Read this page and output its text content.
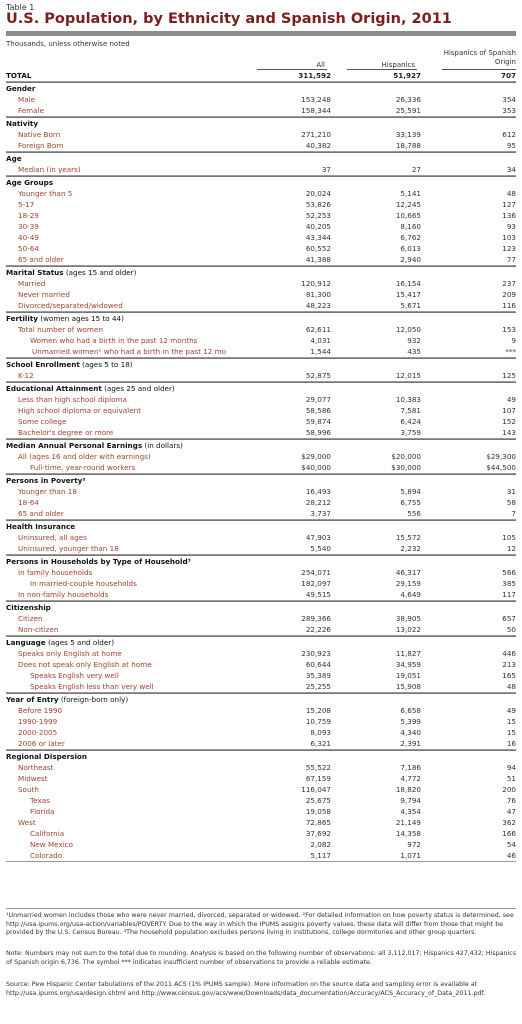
Table 1
U.S. Population, by Ethnicity and Spanish Origin, 2011
Thousands, unless otherwise noted
All	Hispanics
Hispanics of Spanish Origin
TOTAL	311,592	51,927	707
Gender
Male	153,248	26,336	354
Female	158,344	25,591	353
Nativity
Native Born	271,210	33,139	612
Foreign Born	40,382	18,788	95
Age
Median (in years)	37	27	34
Age Groups
Younger than 5	20,024	5,141	48
5-17	53,826	12,245	127
18-29	52,253	10,665	136
30-39	40,205	8,160	93
40-49	43,344	6,762	103
50-64	60,552	6,013	123
65 and older	41,388	2,940	77
Marital Status (ages 15 and older)
Married	120,912	16,154	237
Never married	81,300	15,417	209
Divorced/separated/widowed	48,223	5,671	116
Fertility (women ages 15 to 44)
Total number of women	62,611	12,050	153
Women who had a birth in the past 12 months	4,031	932	9
Unmarried women¹ who had a birth in the past 12 mo	1,544	435	***
School Enrollment (ages 5 to 18)
K-12	52,875	12,015	125
Educational Attainment (ages 25 and older)
Less than high school diploma	29,077	10,383	49
High school diploma or equivalent	58,586	7,581	107
Some college	59,874	6,424	152
Bachelor's degree or more	58,996	3,759	143
Median Annual Personal Earnings (in dollars)
All (ages 16 and older with earnings)	$29,000	$20,000	$29,300
Full-time, year-round workers	$40,000	$30,000	$44,500
Persons in Poverty²
Younger than 18	16,493	5,894	31
18-64	28,212	6,755	58
65 and older	3,737	556	7
Health Insurance
Uninsured, all ages	47,903	15,572	105
Uninsured, younger than 18	5,540	2,232	12
Persons in Households by Type of Household³
In family households	254,071	46,317	566
In married-couple households	182,097	29,159	385
In non-family households	49,515	4,649	117
Citizenship
Citizen	289,366	38,905	657
Non-citizen	22,226	13,022	50
Language (ages 5 and older)
Speaks only English at home	230,923	11,827	446
Does not speak only English at home	60,644	34,959	213
Speaks English very well	35,389	19,051	165
Speaks English less than very well	25,255	15,908	48
Year of Entry (foreign-born only)
Before 1990	15,208	6,658	49
1990-1999	10,759	5,399	15
2000-2005	8,093	4,340	15
2006 or later	6,321	2,391	16
Regional Dispersion
Northeast	55,522	7,186	94
Midwest	67,159	4,772	51
South	116,047	18,820	200
Texas	25,675	9,794	76
Florida	19,058	4,354	47
West	72,865	21,149	362
California	37,692	14,358	166
New Mexico	2,082	972	54
Colorado	5,117	1,071	46
¹Unmarried women includes those who were never married, divorced, separated or widowed. ²For detailed information on how poverty status is determined, see http://usa.ipums.org/usa-action/variables/POVERTY. Due to the way in which the IPUMS assigns poverty values, these data will differ from those that might be provided by the U.S. Census Bureau. ³The household population excludes persons living in institutions, college dormitories and other group quarters.
Note: Numbers may not sum to the total due to rounding. Analysis is based on the following number of observations: all 3,112,017; Hispanics 427,432; Hispanics of Spanish origin 6,736. The symbol *** indicates insufficient number of observations to provide a reliable estimate.
Source: Pew Hispanic Center tabulations of the 2011 ACS (1% IPUMS sample). More information on the source data and sampling error is available at http://usa.ipums.org/usa/design.shtml and http://www.census.gov/acs/www/Downloads/data_documentation/Accuracy/ACS_Accuracy_of_Data_2011.pdf.
